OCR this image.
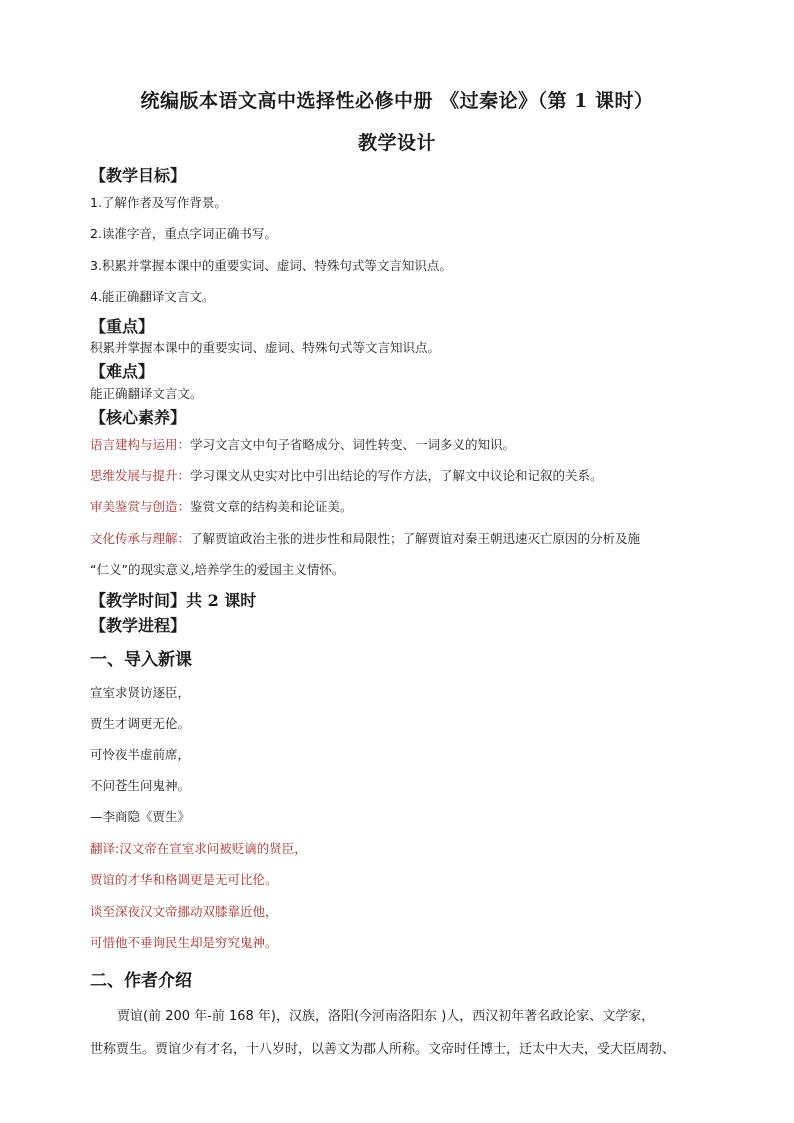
统编版本语文高中选择性必修中册 《过秦论》（第 1 课时）
教学设计
【教学目标】
1.了解作者及写作背景。
2.读准字音，重点字词正确书写。
3.积累并掌握本课中的重要实词、虚词、特殊句式等文言知识点。
4.能正确翻译文言文。
【重点】
积累并掌握本课中的重要实词、虚词、特殊句式等文言知识点。
【难点】
能正确翻译文言文。
【核心素养】
语言建构与运用：学习文言文中句子省略成分、词性转变、一词多义的知识。
思维发展与提升：学习课文从史实对比中引出结论的写作方法，了解文中议论和记叙的关系。
审美鉴赏与创造：鉴赏文章的结构美和论证美。
文化传承与理解：了解贾谊政治主张的进步性和局限性；了解贾谊对秦王朝迅速灭亡原因的分析及施
“仁义”的现实意义,培养学生的爱国主义情怀。
【教学时间】共 2 课时
【教学进程】
一、导入新课
宣室求贤访逐臣，
贾生才调更无伦。
可怜夜半虚前席，
不问苍生问鬼神。
—李商隐《贾生》
翻译:汉文帝在宣室求问被贬谪的贤臣，
贾谊的才华和格调更是无可比伦。
谈至深夜汉文帝挪动双膝靠近他，
可惜他不垂询民生却是穷究鬼神。
二、作者介绍
贾谊(前 200 年-前 168 年)，汉族，洛阳(今河南洛阳东 )人，西汉初年著名政论家、文学家，
世称贾生。贾谊少有才名，十八岁时，以善文为郡人所称。文帝时任博士，迁太中大夫，受大臣周勃、
